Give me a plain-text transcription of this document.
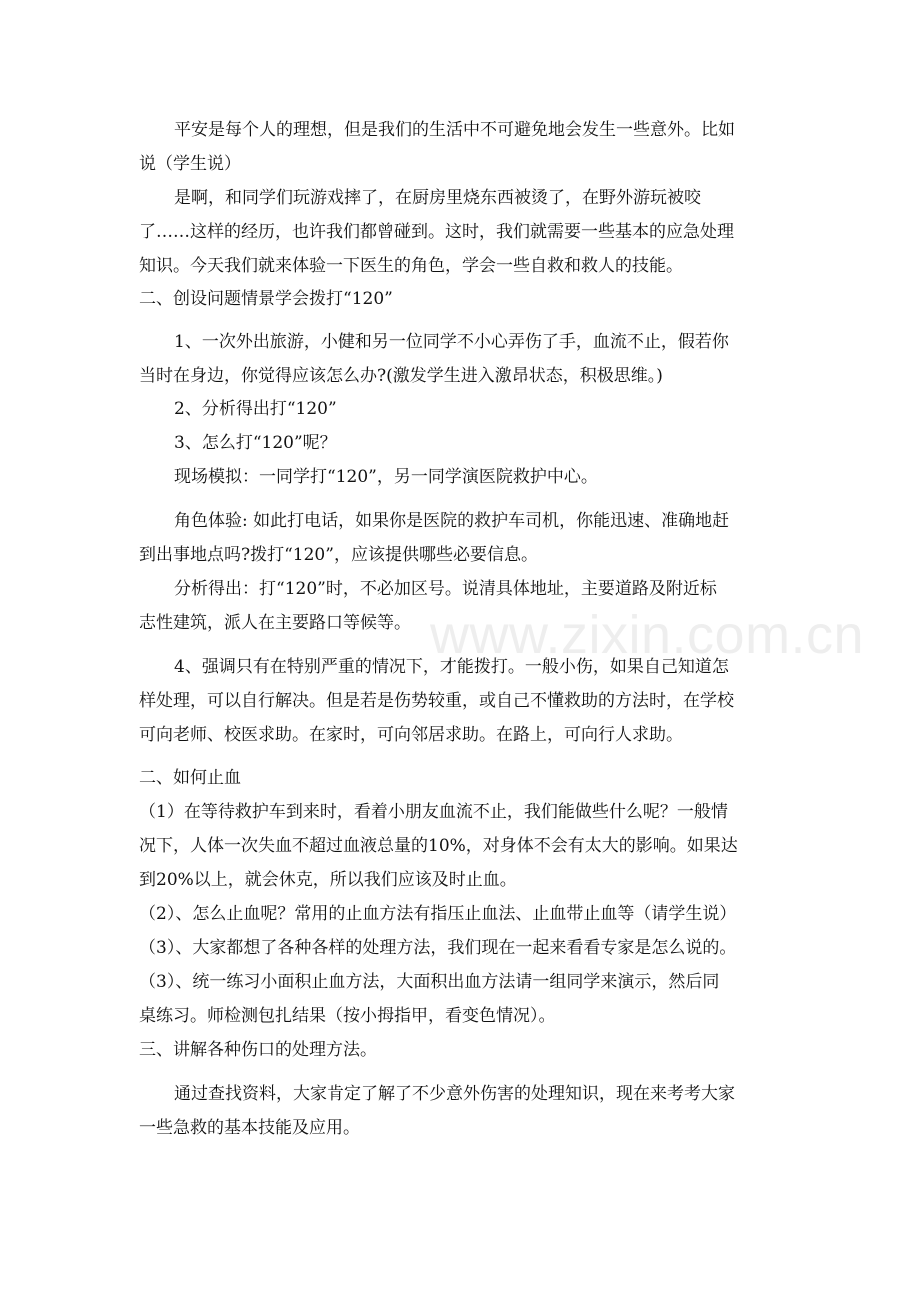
www.zixin.com.cn
平安是每个人的理想，但是我们的生活中不可避免地会发生一些意外。比如
说（学生说）
是啊，和同学们玩游戏摔了，在厨房里烧东西被烫了，在野外游玩被咬
了……这样的经历，也许我们都曾碰到。这时，我们就需要一些基本的应急处理
知识。今天我们就来体验一下医生的角色，学会一些自救和救人的技能。
二、创设问题情景学会拨打“120”
1、一次外出旅游，小健和另一位同学不小心弄伤了手，血流不止，假若你
当时在身边，你觉得应该怎么办?(激发学生进入激昂状态，积极思维。)
2、分析得出打“120”
3、怎么打“120”呢？
现场模拟：一同学打“120”，另一同学演医院救护中心。
角色体验: 如此打电话，如果你是医院的救护车司机，你能迅速、准确地赶
到出事地点吗?拨打“120”，应该提供哪些必要信息。
分析得出：打“120”时，不必加区号。说清具体地址，主要道路及附近标
志性建筑，派人在主要路口等候等。
4、强调只有在特别严重的情况下，才能拨打。一般小伤，如果自己知道怎
样处理，可以自行解决。但是若是伤势较重，或自己不懂救助的方法时，在学校
可向老师、校医求助。在家时，可向邻居求助。在路上，可向行人求助。
二、如何止血
（1）在等待救护车到来时，看着小朋友血流不止，我们能做些什么呢？一般情
况下，人体一次失血不超过血液总量的10%，对身体不会有太大的影响。如果达
到20%以上，就会休克，所以我们应该及时止血。
（2）、怎么止血呢？常用的止血方法有指压止血法、止血带止血等（请学生说）
（3）、大家都想了各种各样的处理方法，我们现在一起来看看专家是怎么说的。
（3）、统一练习小面积止血方法，大面积出血方法请一组同学来演示，然后同
桌练习。师检测包扎结果（按小拇指甲，看变色情况）。
三、讲解各种伤口的处理方法。
通过查找资料，大家肯定了解了不少意外伤害的处理知识，现在来考考大家
一些急救的基本技能及应用。
